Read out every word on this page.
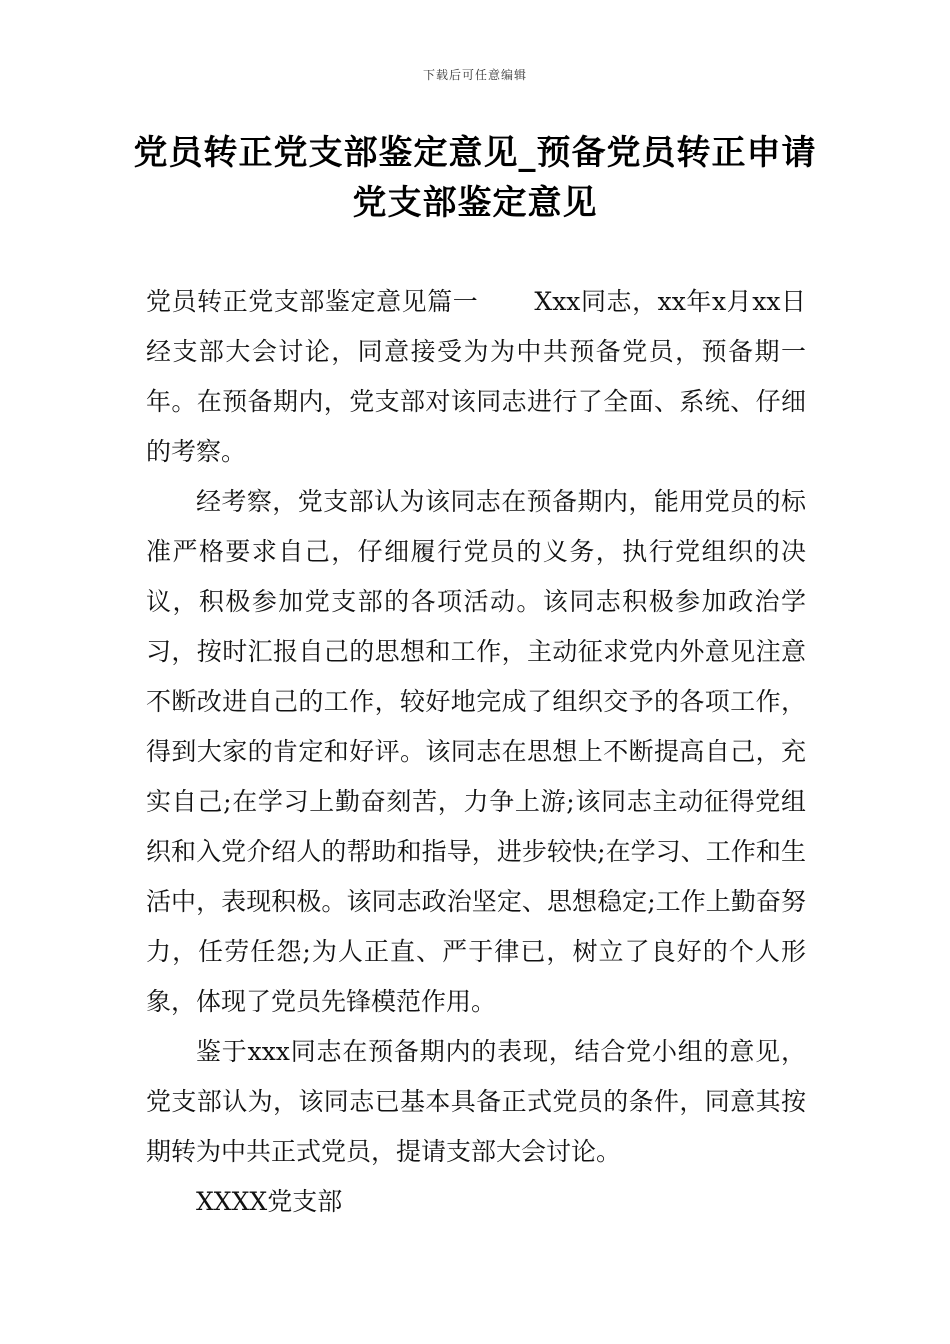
下载后可任意编辑
党员转正党支部鉴定意见_预备党员转正申请党支部鉴定意见

党员转正党支部鉴定意见篇一 Xxx同志，xx年x月xx日经支部大会讨论，同意接受为为中共预备党员，预备期一年。在预备期内，党支部对该同志进行了全面、系统、仔细的考察。

经考察，党支部认为该同志在预备期内，能用党员的标准严格要求自己，仔细履行党员的义务，执行党组织的决议，积极参加党支部的各项活动。该同志积极参加政治学习，按时汇报自己的思想和工作，主动征求党内外意见注意不断改进自己的工作，较好地完成了组织交予的各项工作，得到大家的肯定和好评。该同志在思想上不断提高自己，充实自己;在学习上勤奋刻苦，力争上游;该同志主动征得党组织和入党介绍人的帮助和指导，进步较快;在学习、工作和生活中，表现积极。该同志政治坚定、思想稳定;工作上勤奋努力，任劳任怨;为人正直、严于律已，树立了良好的个人形象，体现了党员先锋模范作用。

鉴于xxx同志在预备期内的表现，结合党小组的意见，党支部认为，该同志已基本具备正式党员的条件，同意其按期转为中共正式党员，提请支部大会讨论。

XXXX党支部
